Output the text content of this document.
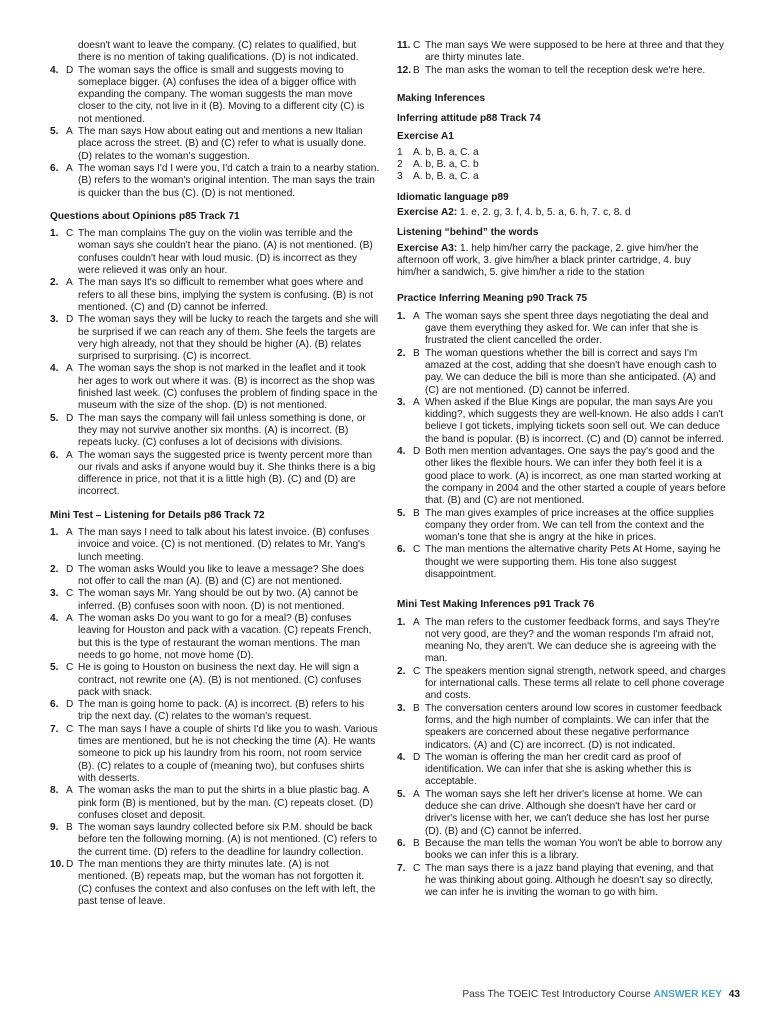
doesn't want to leave the company. (C) relates to qualified, but there is no mention of taking qualifications. (D) is not indicated.
4. D The woman says the office is small and suggests moving to someplace bigger. (A) confuses the idea of a bigger office with expanding the company. The woman suggests the man move closer to the city, not live in it (B). Moving to a different city (C) is not mentioned.
5. A The man says How about eating out and mentions a new Italian place across the street. (B) and (C) refer to what is usually done. (D) relates to the woman's suggestion.
6. A The woman says I'd I were you, I'd catch a train to a nearby station. (B) refers to the woman's original intention. The man says the train is quicker than the bus (C). (D) is not mentioned.
Questions about Opinions p85 Track 71
1. C The man complains The guy on the violin was terrible and the woman says she couldn't hear the piano. (A) is not mentioned. (B) confuses couldn't hear with loud music. (D) is incorrect as they were relieved it was only an hour.
2. A The man says It's so difficult to remember what goes where and refers to all these bins, implying the system is confusing. (B) is not mentioned. (C) and (D) cannot be inferred.
3. D The woman says they will be lucky to reach the targets and she will be surprised if we can reach any of them. She feels the targets are very high already, not that they should be higher (A). (B) relates surprised to surprising. (C) is incorrect.
4. A The woman says the shop is not marked in the leaflet and it took her ages to work out where it was. (B) is incorrect as the shop was finished last week. (C) confuses the problem of finding space in the museum with the size of the shop. (D) is not mentioned.
5. D The man says the company will fail unless something is done, or they may not survive another six months. (A) is incorrect. (B) repeats lucky. (C) confuses a lot of decisions with divisions.
6. A The woman says the suggested price is twenty percent more than our rivals and asks if anyone would buy it. She thinks there is a big difference in price, not that it is a little high (B). (C) and (D) are incorrect.
Mini Test – Listening for Details p86 Track 72
1. A The man says I need to talk about his latest invoice. (B) confuses invoice and voice. (C) is not mentioned. (D) relates to Mr. Yang's lunch meeting.
2. D The woman asks Would you like to leave a message? She does not offer to call the man (A). (B) and (C) are not mentioned.
3. C The woman says Mr. Yang should be out by two. (A) cannot be inferred. (B) confuses soon with noon. (D) is not mentioned.
4. A The woman asks Do you want to go for a meal? (B) confuses leaving for Houston and pack with a vacation. (C) repeats French, but this is the type of restaurant the woman mentions. The man needs to go home, not move home (D).
5. C He is going to Houston on business the next day. He will sign a contract, not rewrite one (A). (B) is not mentioned. (C) confuses pack with snack.
6. D The man is going home to pack. (A) is incorrect. (B) refers to his trip the next day. (C) relates to the woman's request.
7. C The man says I have a couple of shirts I'd like you to wash. Various times are mentioned, but he is not checking the time (A). He wants someone to pick up his laundry from his room, not room service (B). (C) relates to a couple of (meaning two), but confuses shirts with desserts.
8. A The woman asks the man to put the shirts in a blue plastic bag. A pink form (B) is mentioned, but by the man. (C) repeats closet. (D) confuses closet and deposit.
9. B The woman says laundry collected before six P.M. should be back before ten the following morning. (A) is not mentioned. (C) refers to the current time. (D) refers to the deadline for laundry collection.
10. D The man mentions they are thirty minutes late. (A) is not mentioned. (B) repeats map, but the woman has not forgotten it. (C) confuses the context and also confuses on the left with left, the past tense of leave.
11. C The man says We were supposed to be here at three and that they are thirty minutes late.
12. B The man asks the woman to tell the reception desk we're here.
Making Inferences
Inferring attitude p88 Track 74
Exercise A1
1	A. b, B. a, C. a
2	A. b, B. a, C. b
3	A. b, B. a, C. a
Idiomatic language p89
Exercise A2: 1. e, 2. g, 3. f, 4. b, 5. a, 6. h, 7. c, 8. d
Listening “behind” the words
Exercise A3: 1. help him/her carry the package, 2. give him/her the afternoon off work, 3. give him/her a black printer cartridge, 4. buy him/her a sandwich, 5. give him/her a ride to the station
Practice Inferring Meaning p90 Track 75
1. A The woman says she spent three days negotiating the deal and gave them everything they asked for. We can infer that she is frustrated the client cancelled the order.
2. B The woman questions whether the bill is correct and says I'm amazed at the cost, adding that she doesn't have enough cash to pay. We can deduce the bill is more than she anticipated. (A) and (C) are not mentioned. (D) cannot be inferred.
3. A When asked if the Blue Kings are popular, the man says Are you kidding?, which suggests they are well-known. He also adds I can't believe I got tickets, implying tickets soon sell out. We can deduce the band is popular. (B) is incorrect. (C) and (D) cannot be inferred.
4. D Both men mention advantages. One says the pay's good and the other likes the flexible hours. We can infer they both feel it is a good place to work. (A) is incorrect, as one man started working at the company in 2004 and the other started a couple of years before that. (B) and (C) are not mentioned.
5. B The man gives examples of price increases at the office supplies company they order from. We can tell from the context and the woman's tone that she is angry at the hike in prices.
6. C The man mentions the alternative charity Pets At Home, saying he thought we were supporting them. His tone also suggest disappointment.
Mini Test Making Inferences p91 Track 76
1. A The man refers to the customer feedback forms, and says They're not very good, are they? and the woman responds I'm afraid not, meaning No, they aren't. We can deduce she is agreeing with the man.
2. C The speakers mention signal strength, network speed, and charges for international calls. These terms all relate to cell phone coverage and costs.
3. B The conversation centers around low scores in customer feedback forms, and the high number of complaints. We can infer that the speakers are concerned about these negative performance indicators. (A) and (C) are incorrect. (D) is not indicated.
4. D The woman is offering the man her credit card as proof of identification. We can infer that she is asking whether this is acceptable.
5. A The woman says she left her driver's license at home. We can deduce she can drive. Although she doesn't have her card or driver's license with her, we can't deduce she has lost her purse (D). (B) and (C) cannot be inferred.
6. B Because the man tells the woman You won't be able to borrow any books we can infer this is a library.
7. C The man says there is a jazz band playing that evening, and that he was thinking about going. Although he doesn't say so directly, we can infer he is inviting the woman to go with him.
Pass The TOEIC Test Introductory Course ANSWER KEY 43
